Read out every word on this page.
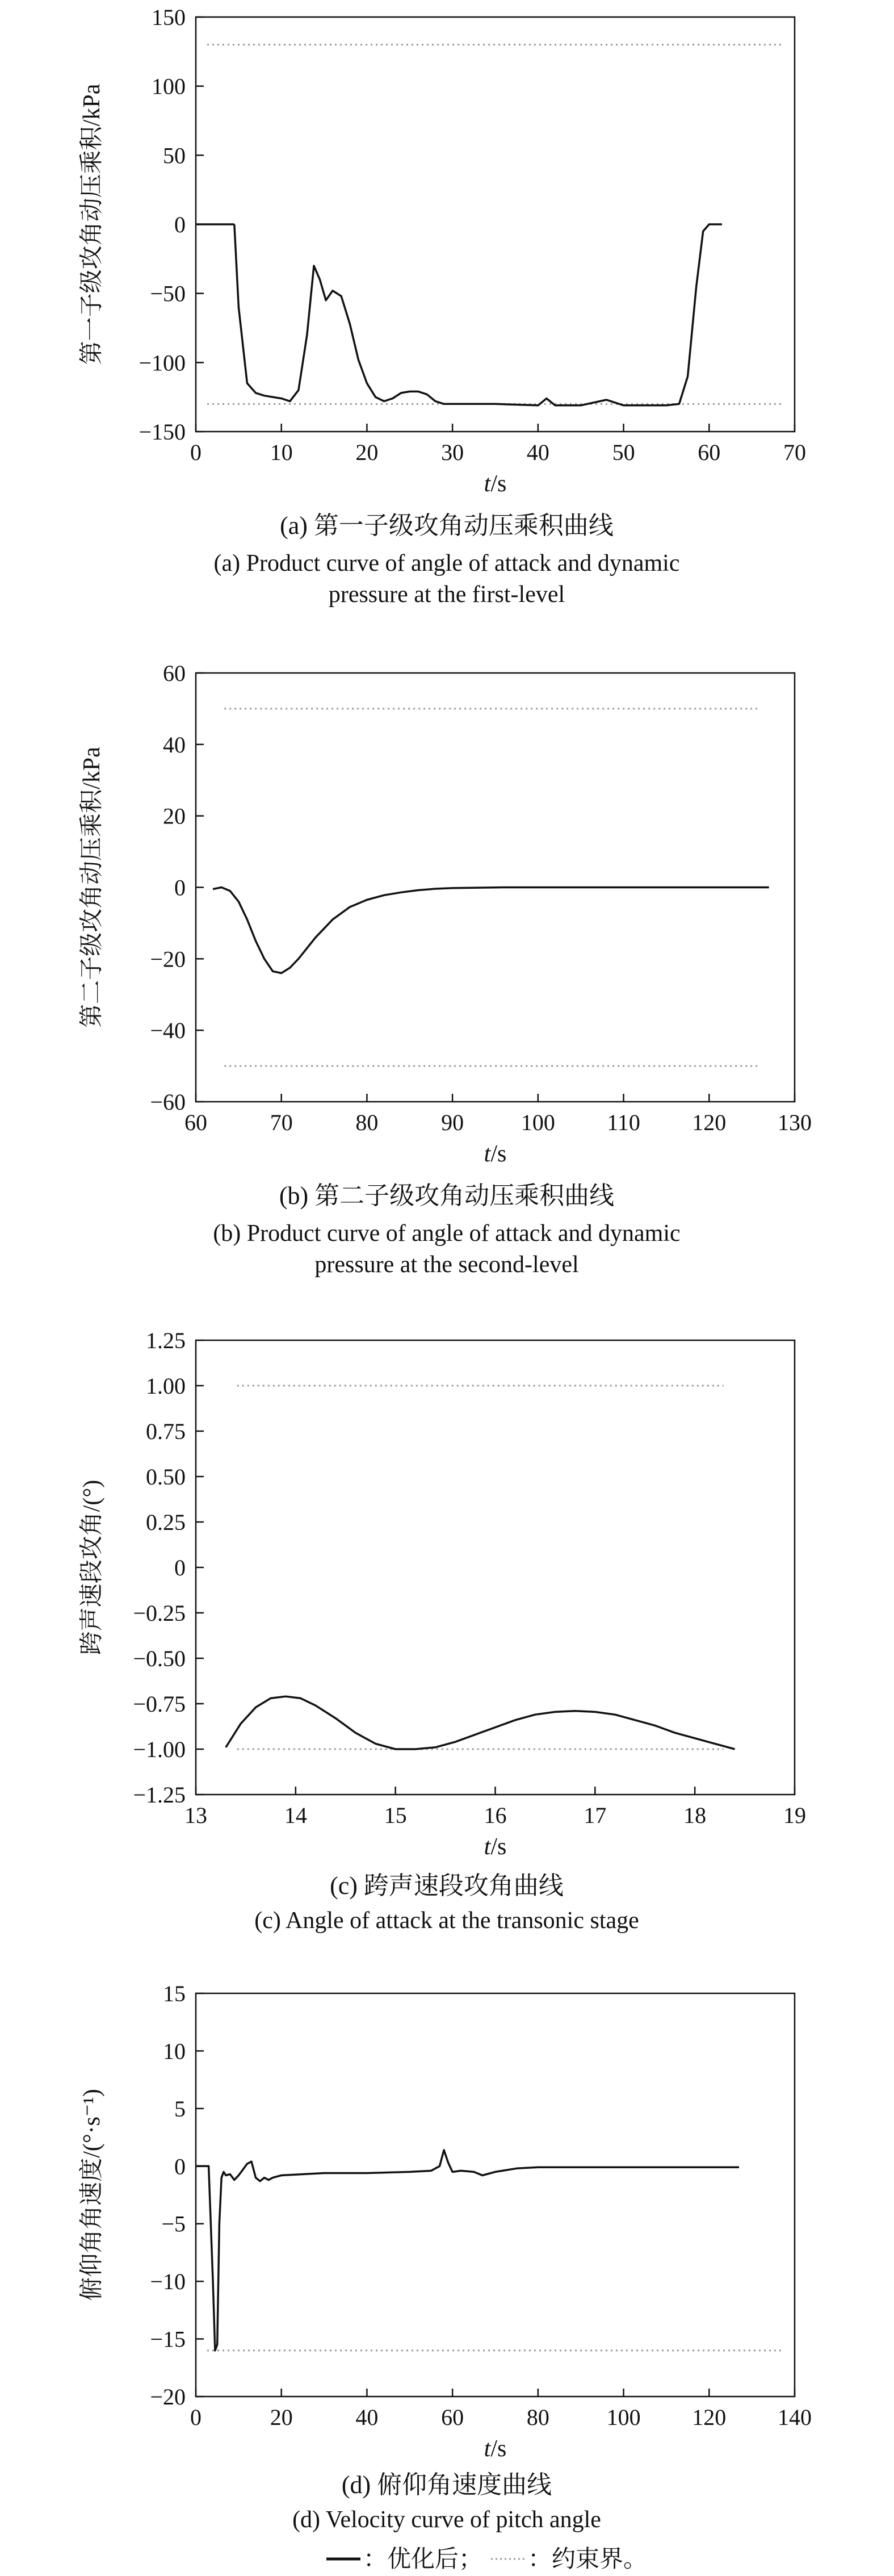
0	10	20	30	40	50	60	70
150
100
50
0
−50
−100
−150
t/s
第一子级攻角动压乘积/kPa
(a) 第一子级攻角动压乘积曲线
(a) Product curve of angle of attack and dynamic
pressure at the first-level
60	70	80	90	100 110 120 130
60
40
20
0
−20
−40
−60
t/s
第二子级攻角动压乘积/kPa
(b) 第二子级攻角动压乘积曲线
(b) Product curve of angle of attack and dynamic
pressure at the second-level
13	14	15	16	17	18	19
1.25
1.00
0.75
0.50
0.25
0
−0.25
−0.50
−0.75
−1.00
−1.25
t/s
跨声速段攻角/(°)
(c) 跨声速段攻角曲线
(c) Angle of attack at the transonic stage
0	20	40	60	80	100 120 140
15
10
5
0
−5
−10
−15
−20
t/s
俯仰角角速度/(°·s⁻¹)
(d) 俯仰角速度曲线
(d) Velocity curve of pitch angle
：优化后； ：约束界。
